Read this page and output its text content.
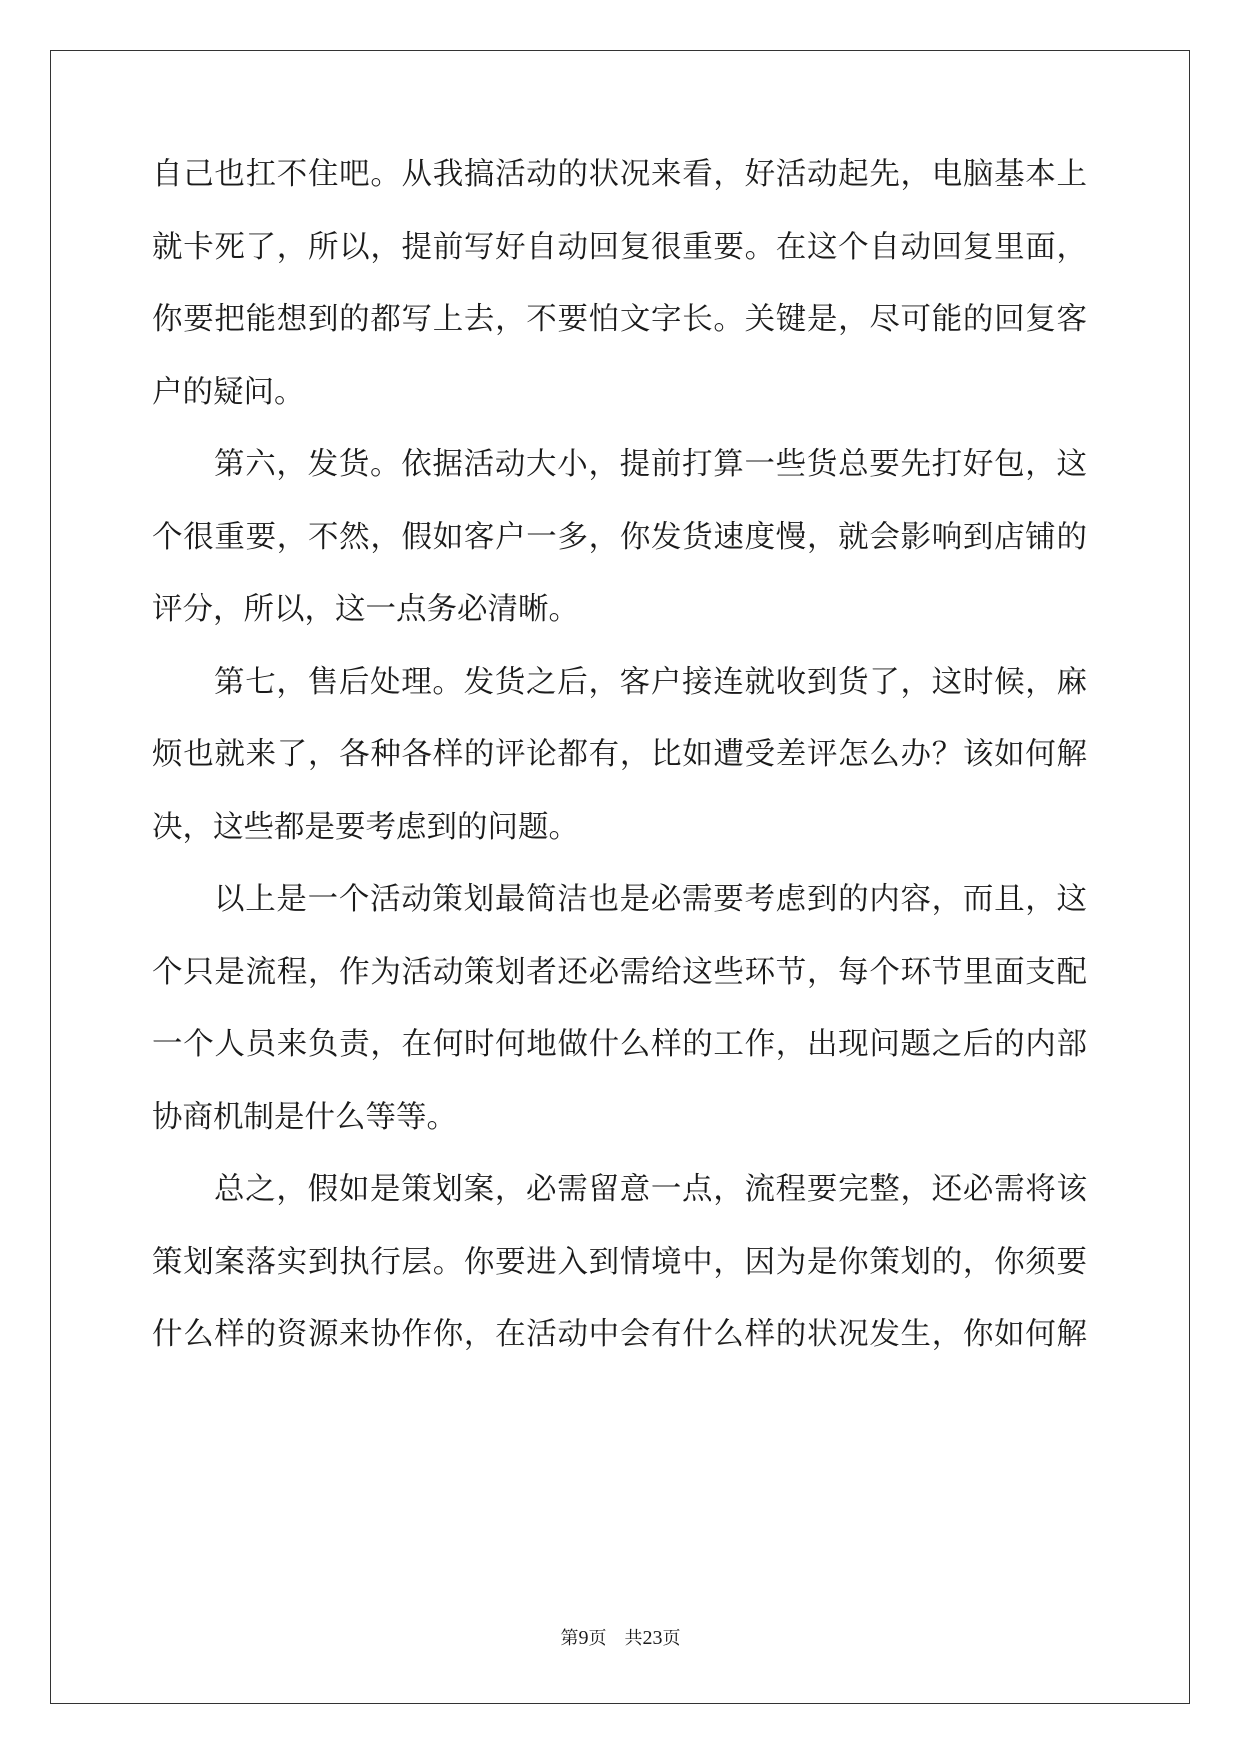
自己也扛不住吧。从我搞活动的状况来看，好活动起先，电脑基本上
就卡死了，所以，提前写好自动回复很重要。在这个自动回复里面，
你要把能想到的都写上去，不要怕文字长。关键是，尽可能的回复客
户的疑问。
第六，发货。依据活动大小，提前打算一些货总要先打好包，这
个很重要，不然，假如客户一多，你发货速度慢，就会影响到店铺的
评分，所以，这一点务必清晰。
第七，售后处理。发货之后，客户接连就收到货了，这时候，麻
烦也就来了，各种各样的评论都有，比如遭受差评怎么办？该如何解
决，这些都是要考虑到的问题。
以上是一个活动策划最简洁也是必需要考虑到的内容，而且，这
个只是流程，作为活动策划者还必需给这些环节，每个环节里面支配
一个人员来负责，在何时何地做什么样的工作，出现问题之后的内部
协商机制是什么等等。
总之，假如是策划案，必需留意一点，流程要完整，还必需将该
策划案落实到执行层。你要进入到情境中，因为是你策划的，你须要
什么样的资源来协作你，在活动中会有什么样的状况发生，你如何解
第9页 共23页
